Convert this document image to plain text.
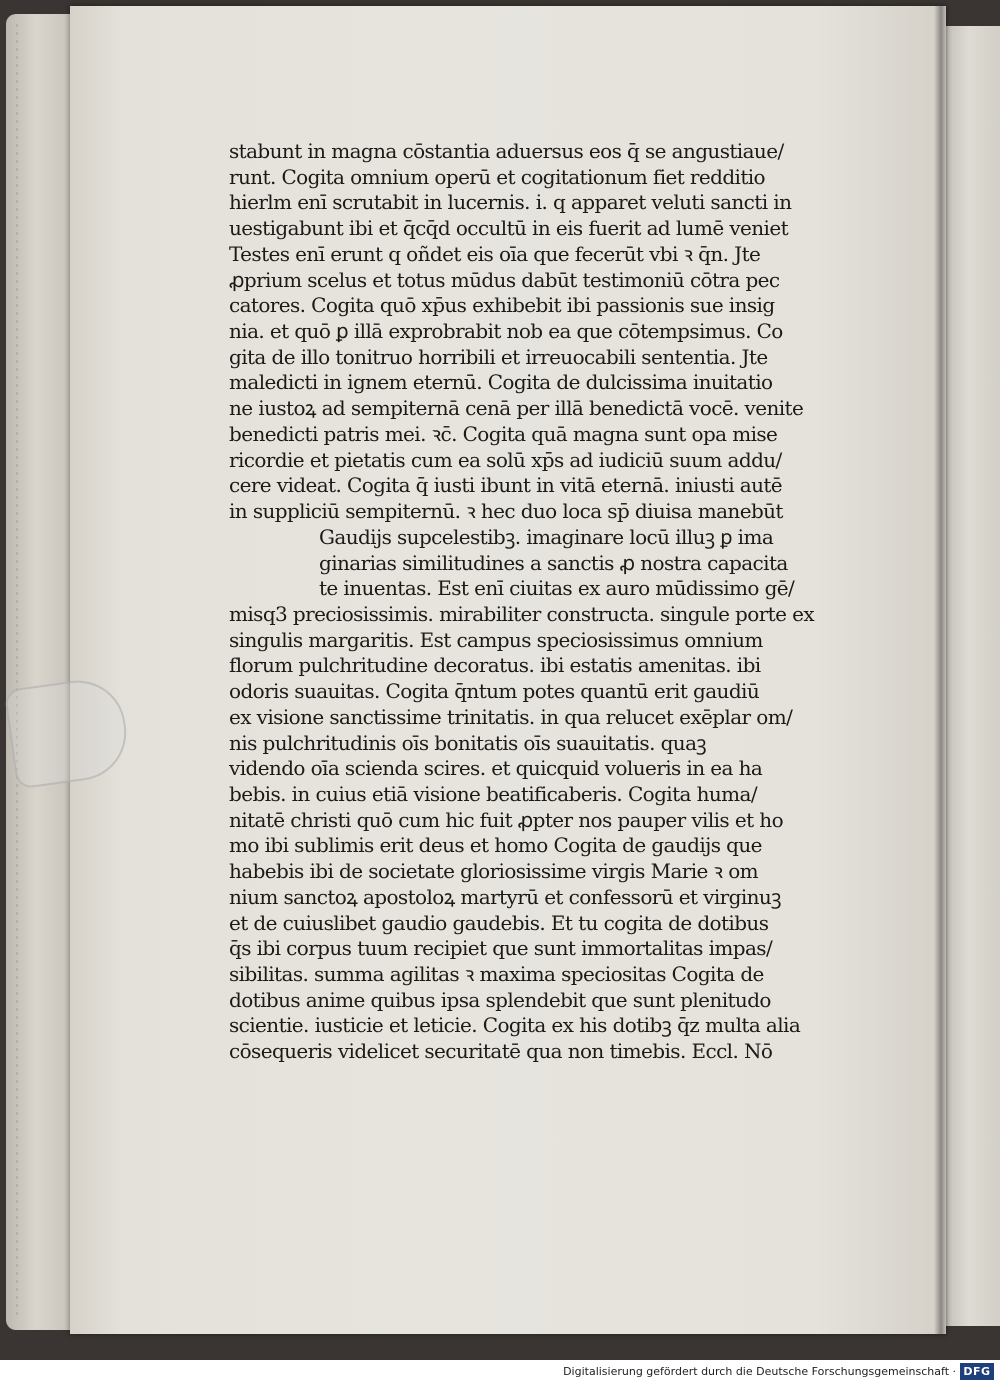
stabunt in magna cōstantia aduersus eos q̄ se angustiaue/
runt. Cogita omnium operū et cogitationum fiet redditio
hierlm enī scrutabit in lucernis. i. q apparet veluti sancti in
uestigabunt ibi et q̄cq̄d occultū in eis fuerit ad lumē veniet
Testes enī erunt q oñdet eis oīa que fecerūt vbi ꝛ q̄n. Jte
ꝓprium scelus et totus mūdus dabūt testimoniū cōtra pec
catores. Cogita quō xp̄us exhibebit ibi passionis sue insig
nia. et quō ꝑ illā exprobrabit nob ea que cōtempsimus. Co
gita de illo tonitruo horribili et irreuocabili sententia. Jte
maledicti in ignem eternū. Cogita de dulcissima inuitatio
ne iustoꝝ ad sempiternā cenā per illā benedictā vocē. venite
benedicti patris mei. ꝛc̄. Cogita quā magna sunt opa mise
ricordie et pietatis cum ea solū xp̄s ad iudiciū suum addu/
cere videat. Cogita q̄ iusti ibunt in vitā eternā. iniusti autē
in suppliciū sempiternū. ꝛ hec duo loca sp̄ diuisa manebūt
Gaudijs supcelestibꝫ. imaginare locū illuꝫ ꝑ ima
ginarias similitudines a sanctis ꝓ nostra capacita
te inuentas. Est enī ciuitas ex auro mūdissimo gē/
misq3 preciosissimis. mirabiliter constructa. singule porte ex
singulis margaritis. Est campus speciosissimus omnium
florum pulchritudine decoratus. ibi estatis amenitas. ibi
odoris suauitas. Cogita q̄ntum potes quantū erit gaudiū
ex visione sanctissime trinitatis. in qua relucet exēplar om/
nis pulchritudinis oīs bonitatis oīs suauitatis. quaꝫ
videndo oīa scienda scires. et quicquid volueris in ea ha
bebis. in cuius etiā visione beatificaberis. Cogita huma/
nitatē christi quō cum hic fuit ꝓpter nos pauper vilis et ho
mo ibi sublimis erit deus et homo Cogita de gaudijs que
habebis ibi de societate gloriosissime virgis Marie ꝛ om
nium sanctoꝝ apostoloꝝ martyrū et confessorū et virginuꝫ
et de cuiuslibet gaudio gaudebis. Et tu cogita de dotibus
q̄s ibi corpus tuum recipiet que sunt immortalitas impas/
sibilitas. summa agilitas ꝛ maxima speciositas Cogita de
dotibus anime quibus ipsa splendebit que sunt plenitudo
scientie. iusticie et leticie. Cogita ex his dotibꝫ q̄z multa alia
cōsequeris videlicet securitatē qua non timebis. Eccl. Nō
Digitalisierung gefördert durch die Deutsche Forschungsgemeinschaft · DFG
